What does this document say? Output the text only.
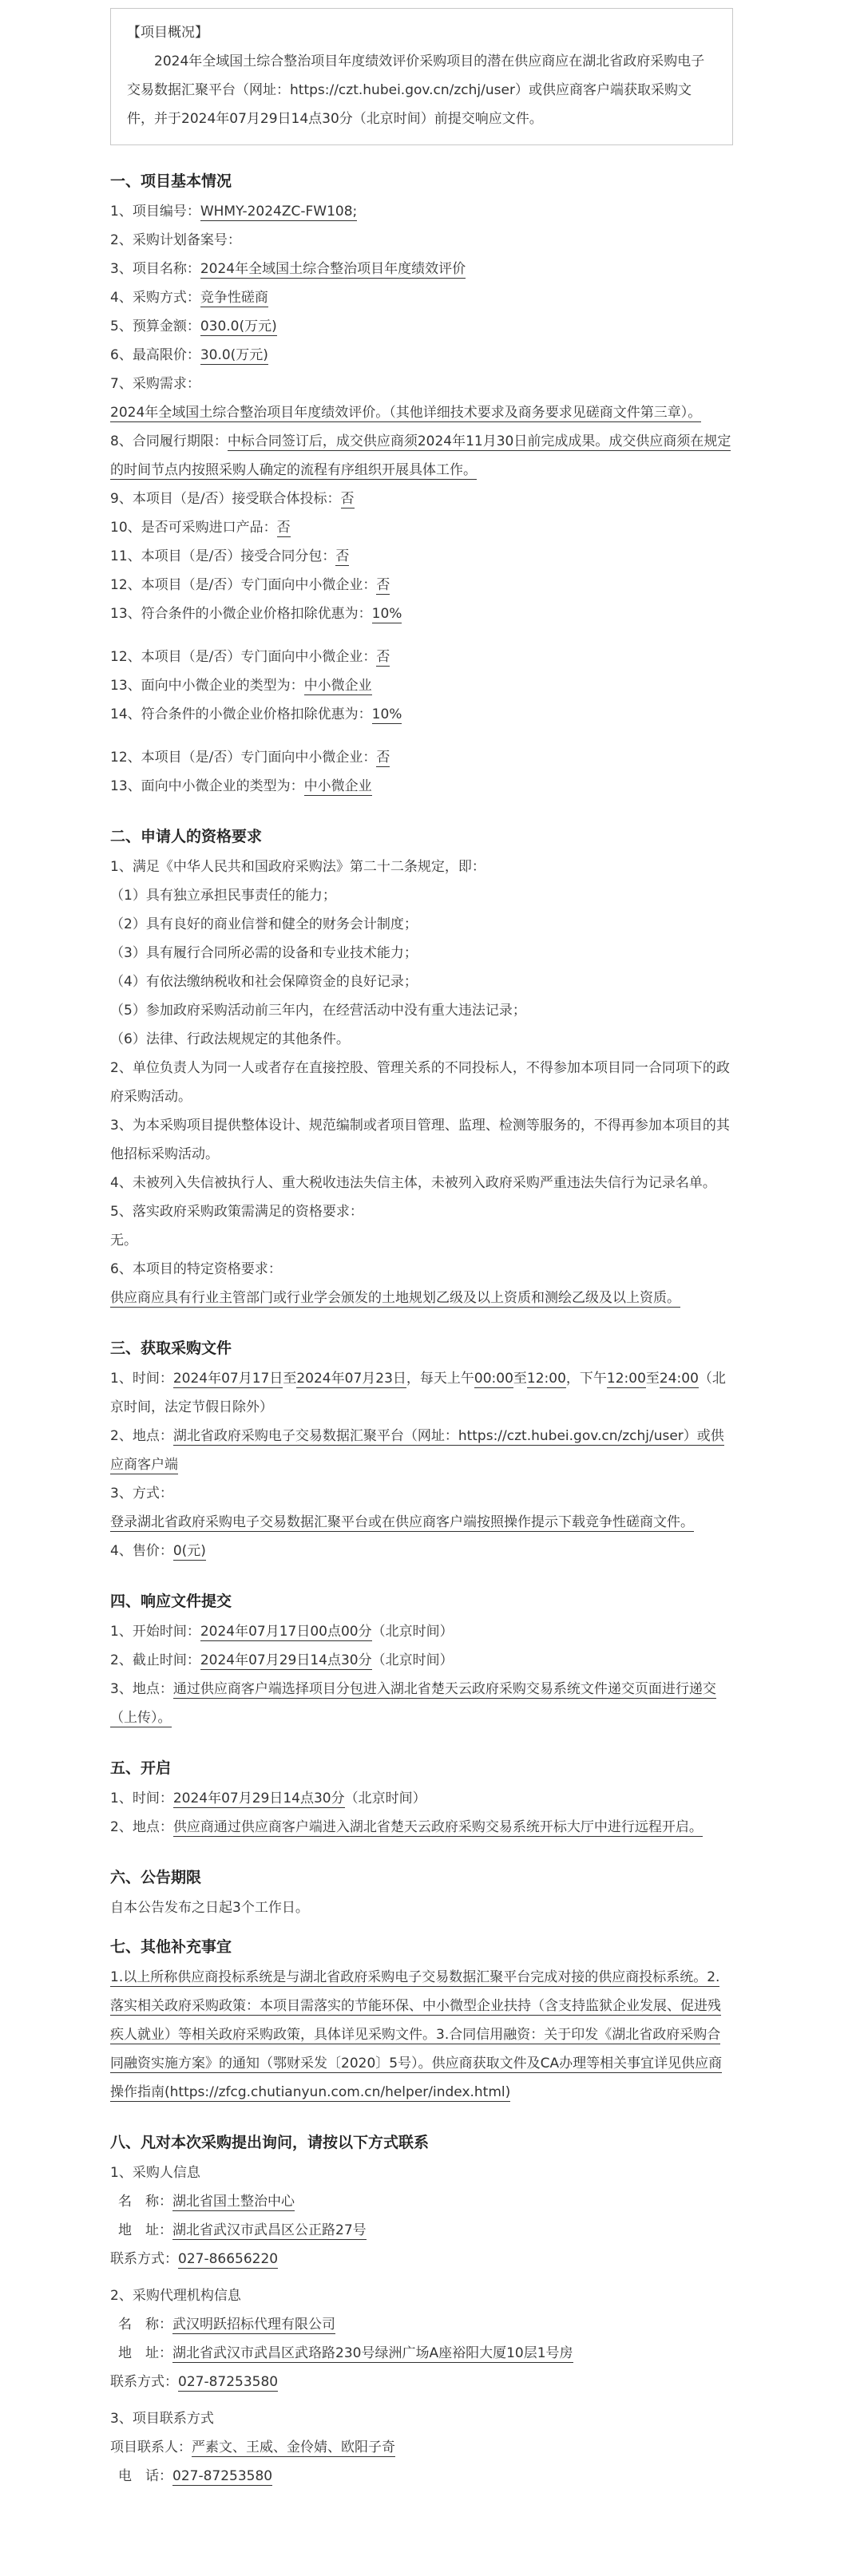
【项目概况】

2024年全域国土综合整治项目年度绩效评价采购项目的潜在供应商应在湖北省政府采购电子交易数据汇聚平台（网址：https://czt.hubei.gov.cn/zchj/user）或供应商客户端获取采购文件，并于2024年07月29日14点30分（北京时间）前提交响应文件。

一、项目基本情况

1、项目编号：WHMY-2024ZC-FW108;

2、采购计划备案号：

3、项目名称：2024年全域国土综合整治项目年度绩效评价

4、采购方式：竞争性磋商

5、预算金额：030.0(万元)

6、最高限价：30.0(万元)

7、采购需求：

2024年全域国土综合整治项目年度绩效评价。（其他详细技术要求及商务要求见磋商文件第三章）。

8、合同履行期限：中标合同签订后，成交供应商须2024年11月30日前完成成果。成交供应商须在规定的时间节点内按照采购人确定的流程有序组织开展具体工作。

9、本项目（是/否）接受联合体投标：否

10、是否可采购进口产品：否

11、本项目（是/否）接受合同分包：否

12、本项目（是/否）专门面向中小微企业：否

13、符合条件的小微企业价格扣除优惠为：10%

12、本项目（是/否）专门面向中小微企业：否

13、面向中小微企业的类型为：中小微企业

14、符合条件的小微企业价格扣除优惠为：10%

12、本项目（是/否）专门面向中小微企业：否

13、面向中小微企业的类型为：中小微企业

二、申请人的资格要求

1、满足《中华人民共和国政府采购法》第二十二条规定，即：

（1）具有独立承担民事责任的能力；

（2）具有良好的商业信誉和健全的财务会计制度；

（3）具有履行合同所必需的设备和专业技术能力；

（4）有依法缴纳税收和社会保障资金的良好记录；

（5）参加政府采购活动前三年内，在经营活动中没有重大违法记录；

（6）法律、行政法规规定的其他条件。

2、单位负责人为同一人或者存在直接控股、管理关系的不同投标人，不得参加本项目同一合同项下的政府采购活动。

3、为本采购项目提供整体设计、规范编制或者项目管理、监理、检测等服务的，不得再参加本项目的其他招标采购活动。

4、未被列入失信被执行人、重大税收违法失信主体，未被列入政府采购严重违法失信行为记录名单。

5、落实政府采购政策需满足的资格要求：

无。

6、本项目的特定资格要求：

供应商应具有行业主管部门或行业学会颁发的土地规划乙级及以上资质和测绘乙级及以上资质。

三、获取采购文件

1、时间：2024年07月17日至2024年07月23日，每天上午00:00至12:00，下午12:00至24:00（北京时间，法定节假日除外）

2、地点：湖北省政府采购电子交易数据汇聚平台（网址：https://czt.hubei.gov.cn/zchj/user）或供应商客户端

3、方式：

登录湖北省政府采购电子交易数据汇聚平台或在供应商客户端按照操作提示下载竞争性磋商文件。

4、售价：0(元)

四、响应文件提交

1、开始时间：2024年07月17日00点00分（北京时间）

2、截止时间：2024年07月29日14点30分（北京时间）

3、地点：通过供应商客户端选择项目分包进入湖北省楚天云政府采购交易系统文件递交页面进行递交（上传）。

五、开启

1、时间：2024年07月29日14点30分（北京时间）

2、地点：供应商通过供应商客户端进入湖北省楚天云政府采购交易系统开标大厅中进行远程开启。

六、公告期限

自本公告发布之日起3个工作日。

七、其他补充事宜

1.以上所称供应商投标系统是与湖北省政府采购电子交易数据汇聚平台完成对接的供应商投标系统。2.落实相关政府采购政策：本项目需落实的节能环保、中小微型企业扶持（含支持监狱企业发展、促进残疾人就业）等相关政府采购政策，具体详见采购文件。3.合同信用融资：关于印发《湖北省政府采购合同融资实施方案》的通知（鄂财采发〔2020〕5号）。供应商获取文件及CA办理等相关事宜详见供应商操作指南(https://zfcg.chutianyun.com.cn/helper/index.html)

八、凡对本次采购提出询问，请按以下方式联系

1、采购人信息

名　称：湖北省国土整治中心

地　址：湖北省武汉市武昌区公正路27号

联系方式：027-86656220

2、采购代理机构信息

名　称：武汉明跃招标代理有限公司

地　址：湖北省武汉市武昌区武珞路230号绿洲广场A座裕阳大厦10层1号房

联系方式：027-87253580

3、项目联系方式

项目联系人：严素文、王威、金伶婧、欧阳子奇

电　话：027-87253580
